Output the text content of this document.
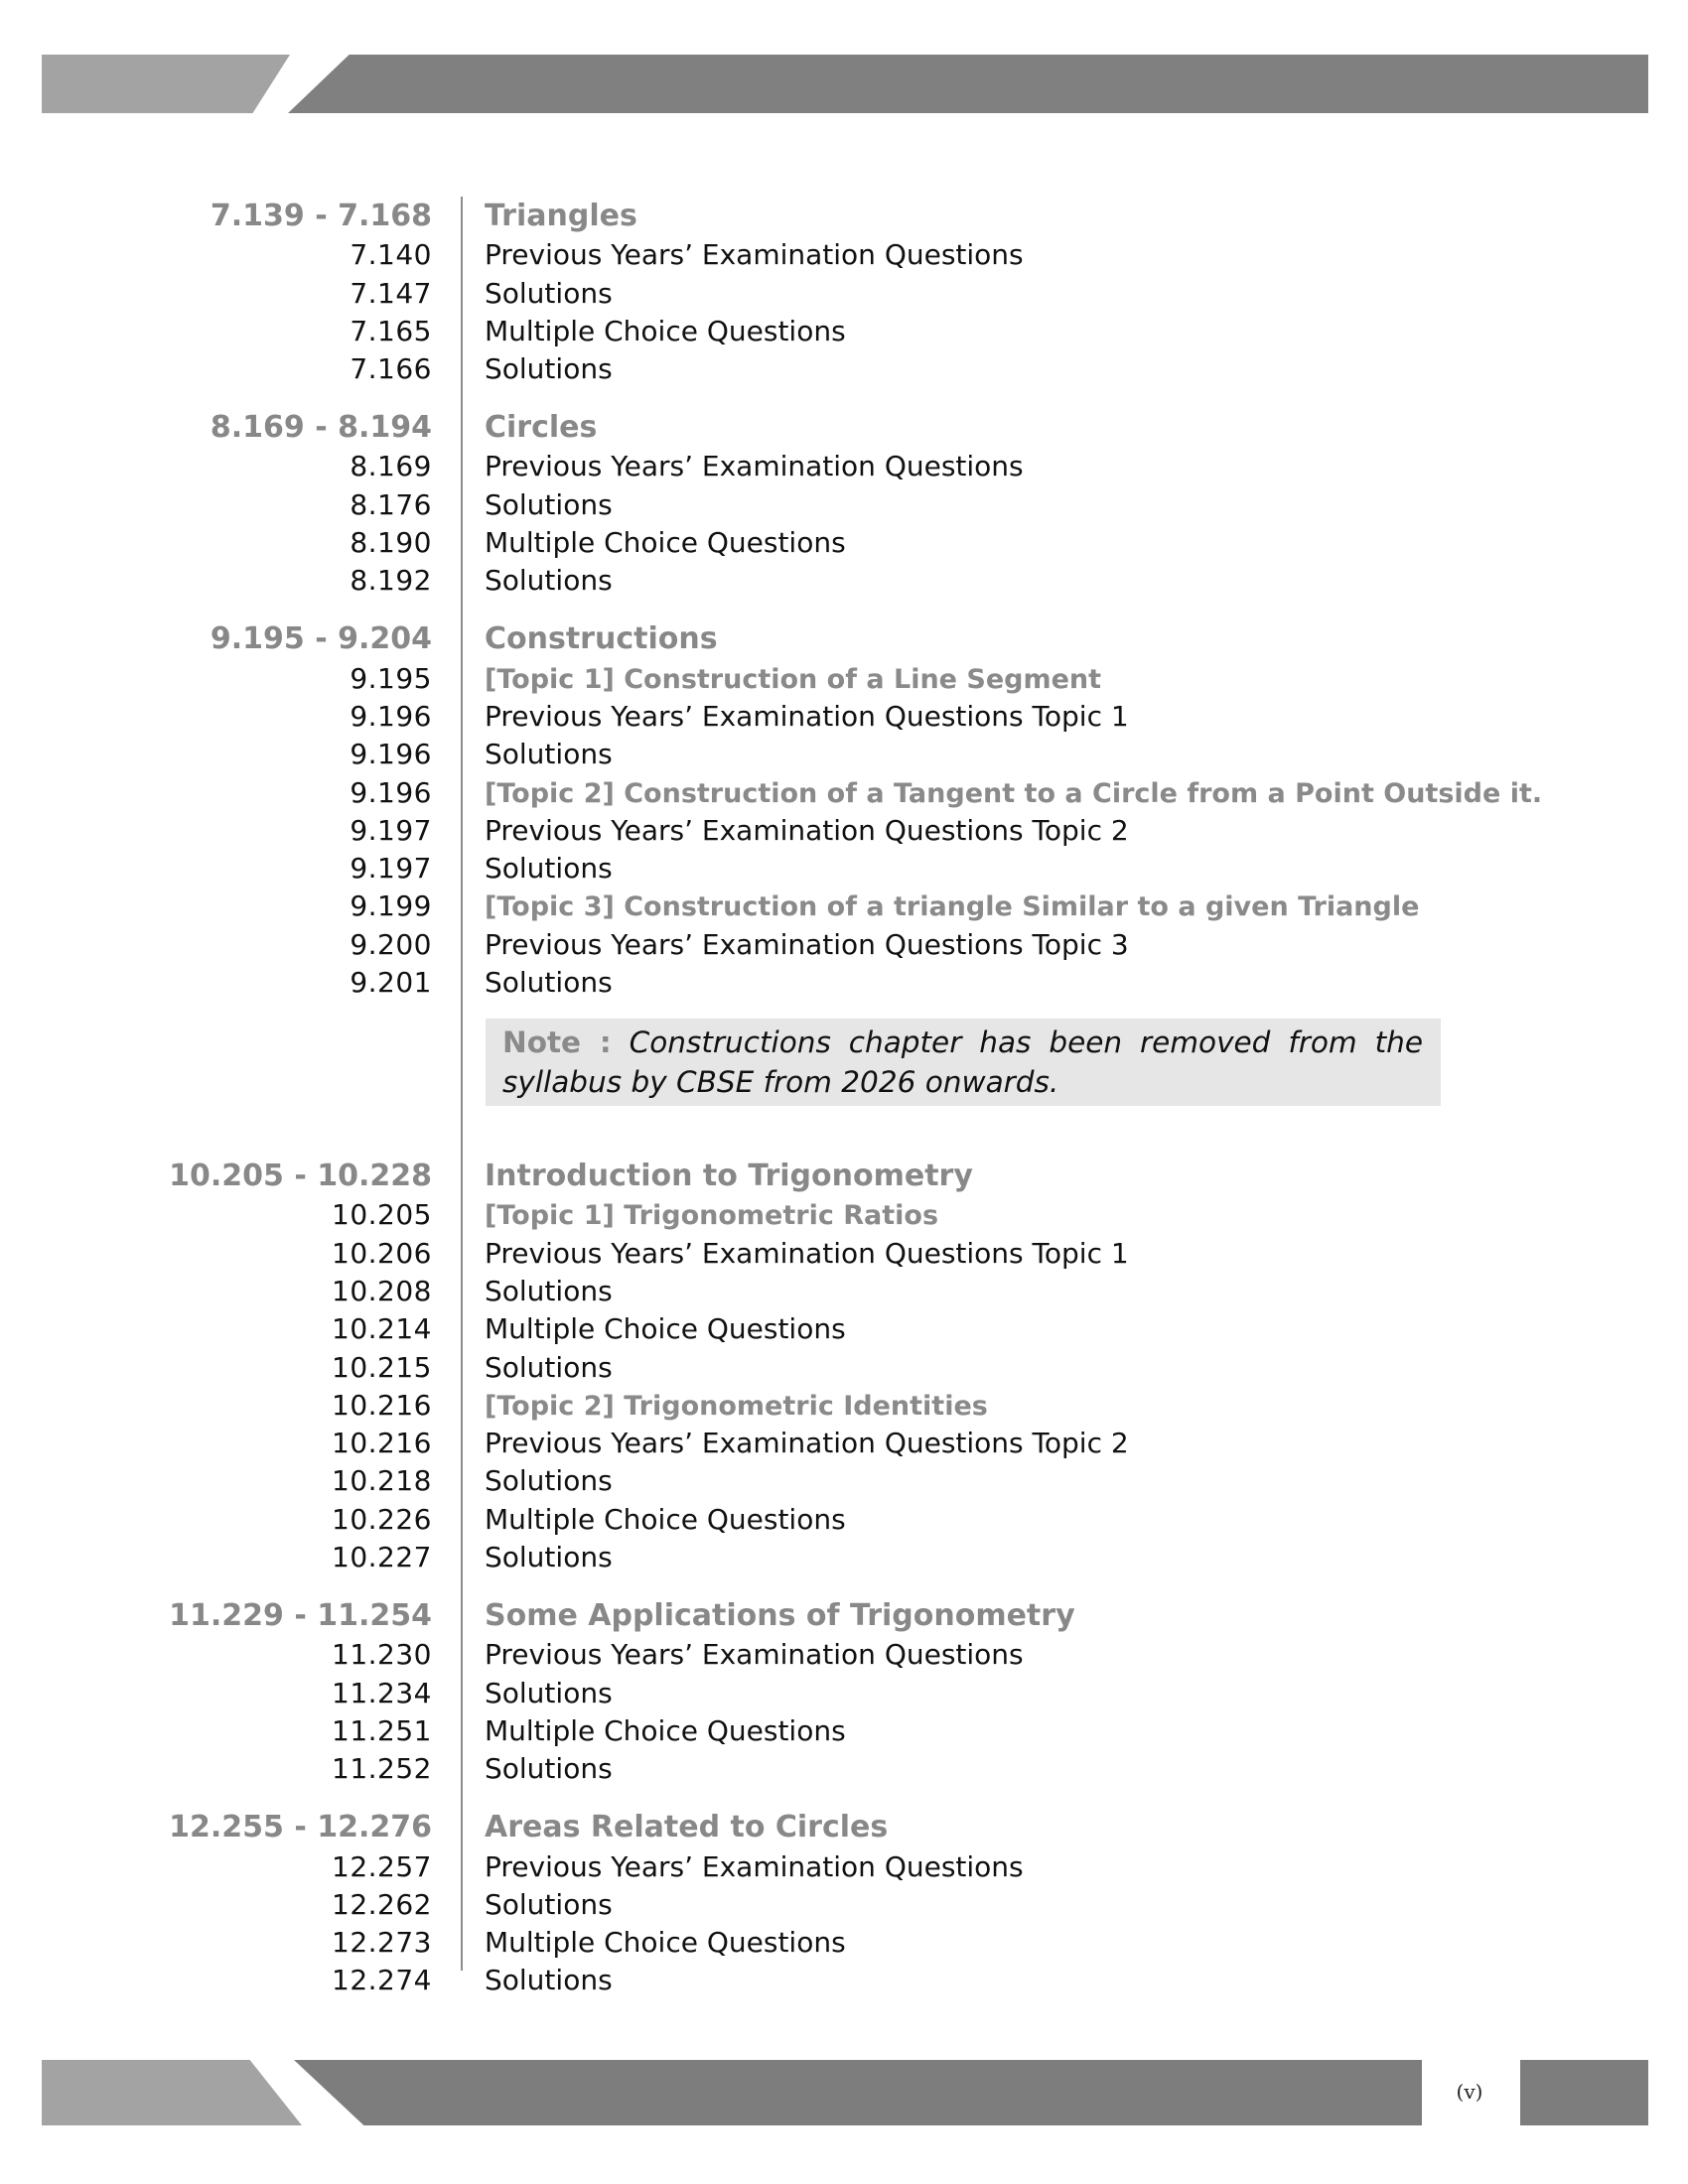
7.139 - 7.168 Triangles
7.140 Previous Years’ Examination Questions
7.147 Solutions
7.165 Multiple Choice Questions
7.166 Solutions
8.169 - 8.194 Circles
8.169 Previous Years’ Examination Questions
8.176 Solutions
8.190 Multiple Choice Questions
8.192 Solutions
9.195 - 9.204 Constructions
9.195 [Topic 1] Construction of a Line Segment
9.196 Previous Years’ Examination Questions Topic 1
9.196 Solutions
9.196 [Topic 2] Construction of a Tangent to a Circle from a Point Outside it.
9.197 Previous Years’ Examination Questions Topic 2
9.197 Solutions
9.199 [Topic 3] Construction of a triangle Similar to a given Triangle
9.200 Previous Years’ Examination Questions Topic 3
9.201 Solutions
10.205 - 10.228 Introduction to Trigonometry
10.205 [Topic 1] Trigonometric Ratios
10.206 Previous Years’ Examination Questions Topic 1
10.208 Solutions
10.214 Multiple Choice Questions
10.215 Solutions
10.216 [Topic 2] Trigonometric Identities
10.216 Previous Years’ Examination Questions Topic 2
10.218 Solutions
10.226 Multiple Choice Questions
10.227 Solutions
11.229 - 11.254 Some Applications of Trigonometry
11.230 Previous Years’ Examination Questions
11.234 Solutions
11.251 Multiple Choice Questions
11.252 Solutions
12.255 - 12.276 Areas Related to Circles
12.257 Previous Years’ Examination Questions
12.262 Solutions
12.273 Multiple Choice Questions
12.274 Solutions
Note : Constructions chapter has been removed from the syllabus by CBSE from 2026 onwards.
(v)
